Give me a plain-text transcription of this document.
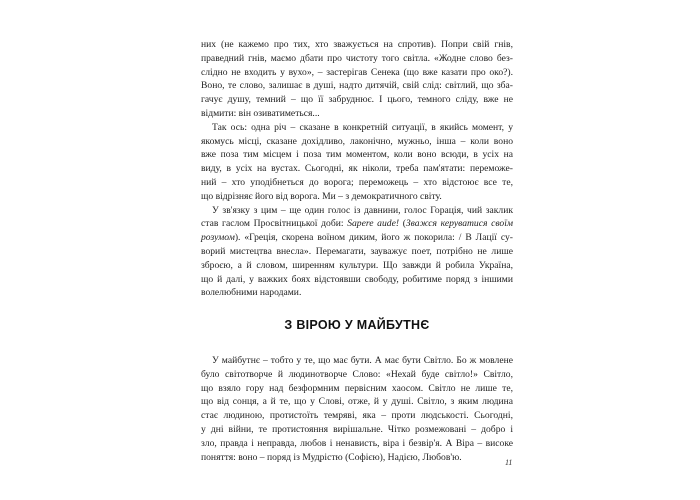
них (не кажемо про тих, хто зважується на спротив). Попри свій гнів,
праведний гнів, маємо дбати про чистоту того світла. «Жодне слово без-
слідно не входить у вухо», – застерігав Сенека (що вже казати про око?).
Воно, те слово, залишає в душі, надто дитячій, свій слід: світлий, що зба-
гачує душу, темний – що її забруднює. І цього, темного сліду, вже не
відмити: він озиватиметься...
Так ось: одна річ – сказане в конкретній ситуації, в якийсь момент, у
якомусь місці, сказане дохідливо, лаконічно, мужньо, інша – коли воно
вже поза тим місцем і поза тим моментом, коли воно всюди, в усіх на
виду, в усіх на вустах. Сьогодні, як ніколи, треба пам'ятати: переможе-
ний – хто уподібнеться до ворога; переможець – хто відстоює все те,
що відрізняє його від ворога. Ми – з демократичного світу.
У зв'язку з цим – ще один голос із давнини, голос Горація, чий заклик
став гаслом Просвітницької доби: Sapere aude! (Зважся керуватися своїм
розумом). «Греція, скорена воїном диким, його ж покорила: / В Лації су-
ворий мистецтва внесла». Перемагати, зауважує поет, потрібно не лише
зброєю, а й словом, ширенням культури. Що завжди й робила Україна,
що й далі, у важких боях відстоявши свободу, робитиме поряд з іншими
волелюбними народами.
З ВІРОЮ У МАЙБУТНЄ
У майбутнє – тобто у те, що має бути. А має бути Світло. Бо ж мовлене
було світотворче й людинотворче Слово: «Нехай буде світло!» Світло,
що взяло гору над безформним первісним хаосом. Світло не лише те,
що від сонця, а й те, що у Слові, отже, й у душі. Світло, з яким людина
стає людиною, протистоїть темряві, яка – проти людськості. Сьогодні,
у дні війни, те протистояння вирішальне. Чітко розмежовані – добро і
зло, правда і неправда, любов і ненависть, віра і безвір'я. А Віра – високе
поняття: воно – поряд із Мудрістю (Софією), Надією, Любов'ю.	11
